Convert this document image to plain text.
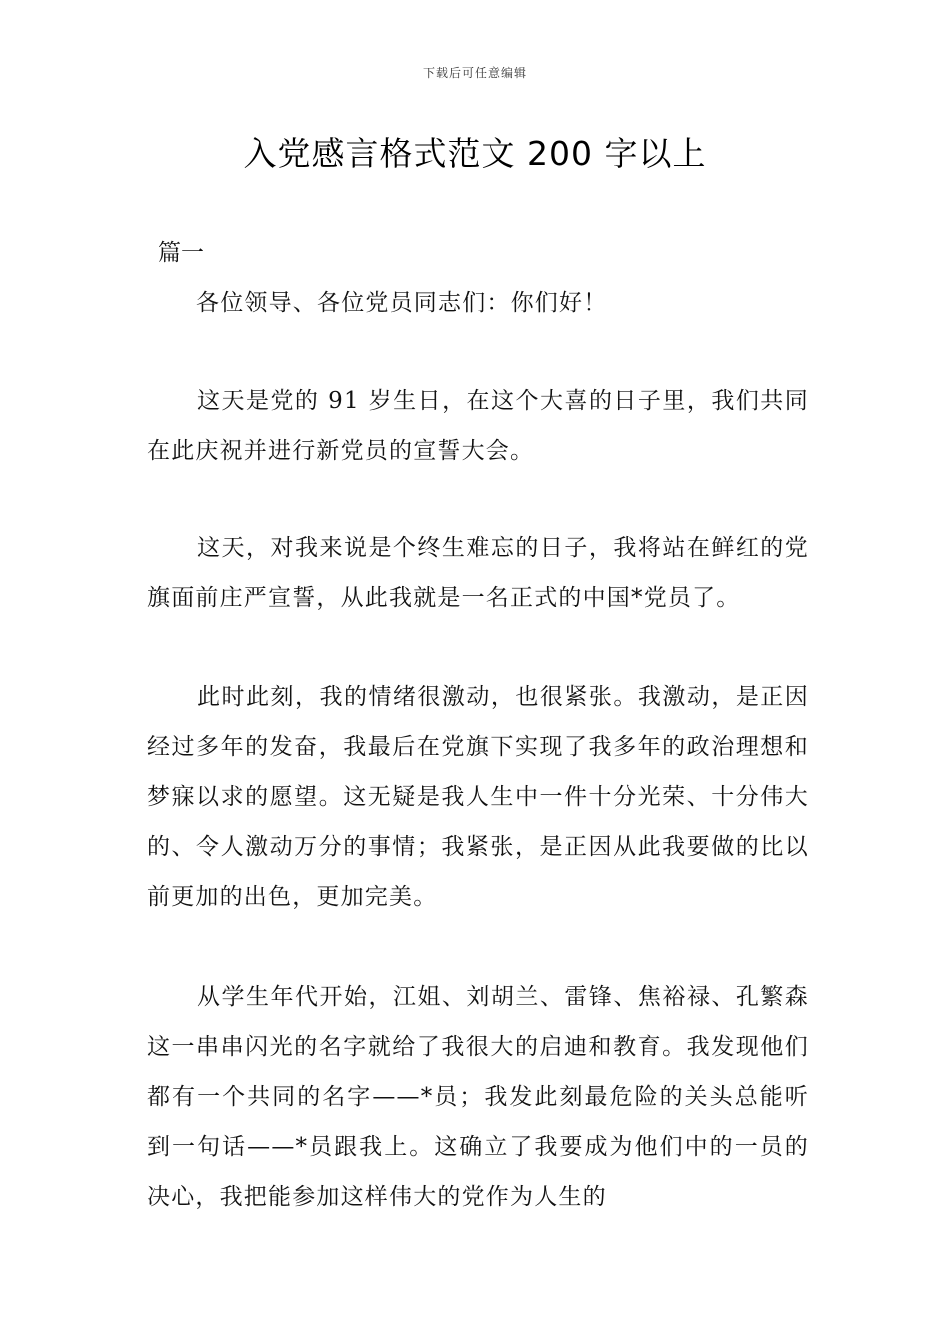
下载后可任意编辑
入党感言格式范文 200 字以上
篇一

各位领导、各位党员同志们：你们好！

这天是党的 91 岁生日，在这个大喜的日子里，我们共同在此庆祝并进行新党员的宣誓大会。

这天，对我来说是个终生难忘的日子，我将站在鲜红的党旗面前庄严宣誓，从此我就是一名正式的中国*党员了。

此时此刻，我的情绪很激动，也很紧张。我激动，是正因经过多年的发奋，我最后在党旗下实现了我多年的政治理想和梦寐以求的愿望。这无疑是我人生中一件十分光荣、十分伟大的、令人激动万分的事情；我紧张，是正因从此我要做的比以前更加的出色，更加完美。

从学生年代开始，江姐、刘胡兰、雷锋、焦裕禄、孔繁森这一串串闪光的名字就给了我很大的启迪和教育。我发现他们都有一个共同的名字——*员；我发此刻最危险的关头总能听到一句话——*员跟我上。这确立了我要成为他们中的一员的决心，我把能参加这样伟大的党作为人生的
